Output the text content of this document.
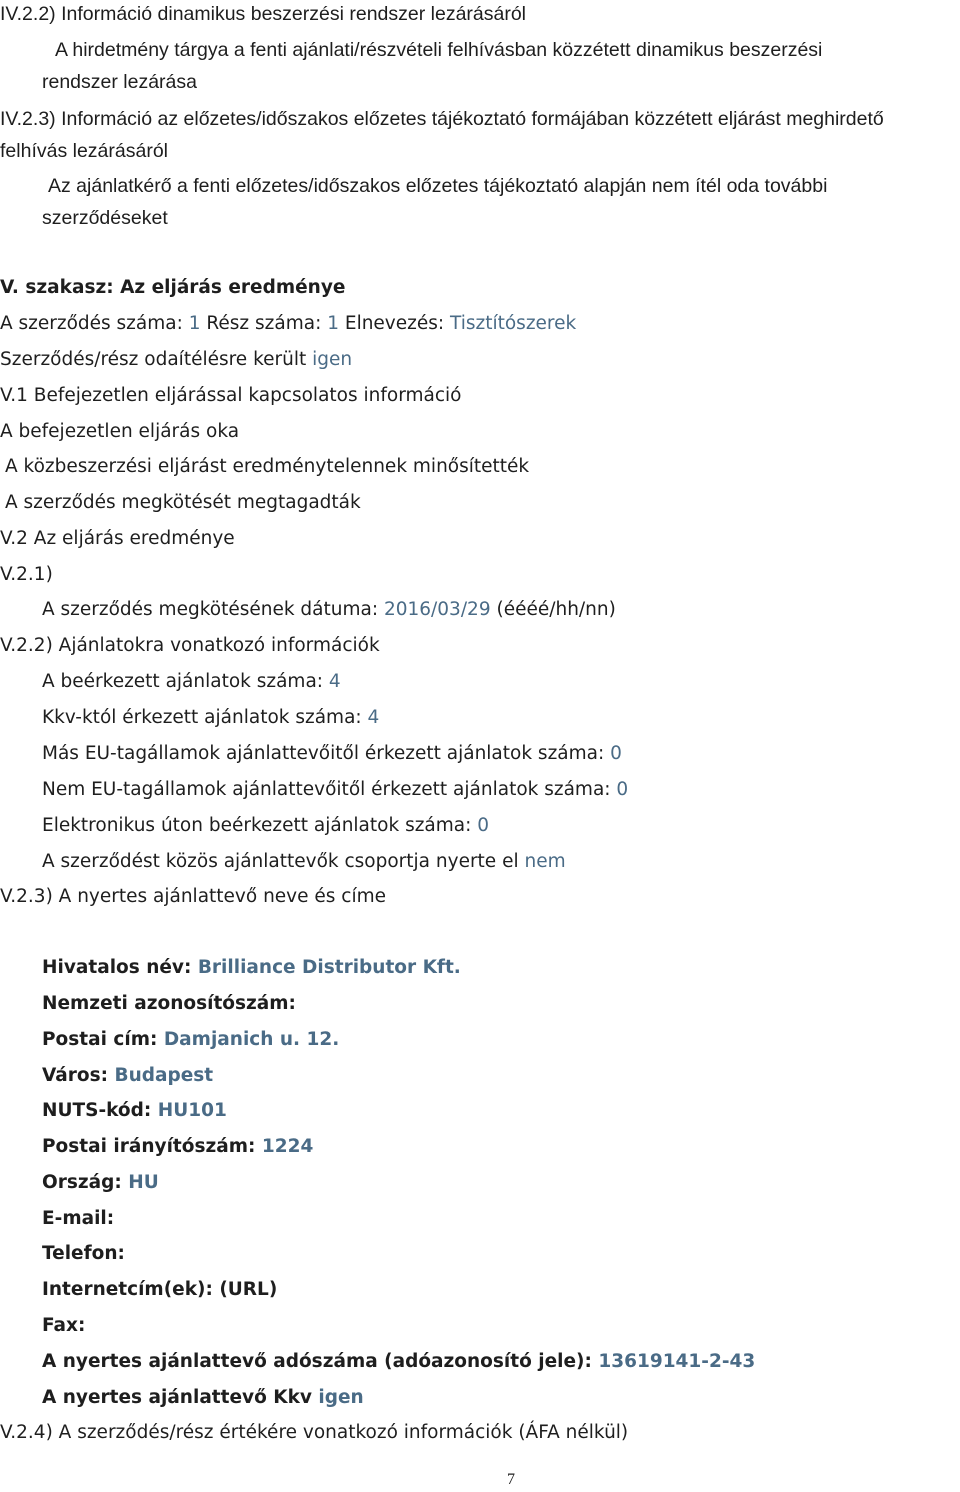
IV.2.2) Információ dinamikus beszerzési rendszer lezárásáról
A hirdetmény tárgya a fenti ajánlati/részvételi felhívásban közzétett dinamikus beszerzési
rendszer lezárása
IV.2.3) Információ az előzetes/időszakos előzetes tájékoztató formájában közzétett eljárást meghirdető
felhívás lezárásáról
Az ajánlatkérő a fenti előzetes/időszakos előzetes tájékoztató alapján nem ítél oda további
szerződéseket
V. szakasz: Az eljárás eredménye
A szerződés száma: 1 Rész száma: 1 Elnevezés: Tisztítószerek
Szerződés/rész odaítélésre került igen
V.1 Befejezetlen eljárással kapcsolatos információ
A befejezetlen eljárás oka
A közbeszerzési eljárást eredménytelennek minősítették
A szerződés megkötését megtagadták
V.2 Az eljárás eredménye
V.2.1)
A szerződés megkötésének dátuma: 2016/03/29 (éééé/hh/nn)
V.2.2) Ajánlatokra vonatkozó információk
A beérkezett ajánlatok száma: 4
Kkv-któl érkezett ajánlatok száma: 4
Más EU-tagállamok ajánlattevőitől érkezett ajánlatok száma: 0
Nem EU-tagállamok ajánlattevőitől érkezett ajánlatok száma: 0
Elektronikus úton beérkezett ajánlatok száma: 0
A szerződést közös ajánlattevők csoportja nyerte el nem
V.2.3) A nyertes ajánlattevő neve és címe
Hivatalos név: Brilliance Distributor Kft.
Nemzeti azonosítószám:
Postai cím: Damjanich u. 12.
Város: Budapest
NUTS-kód: HU101
Postai irányítószám: 1224
Ország: HU
E-mail:
Telefon:
Internetcím(ek): (URL)
Fax:
A nyertes ajánlattevő adószáma (adóazonosító jele): 13619141-2-43
A nyertes ajánlattevő Kkv igen
V.2.4) A szerződés/rész értékére vonatkozó információk (ÁFA nélkül)
7
